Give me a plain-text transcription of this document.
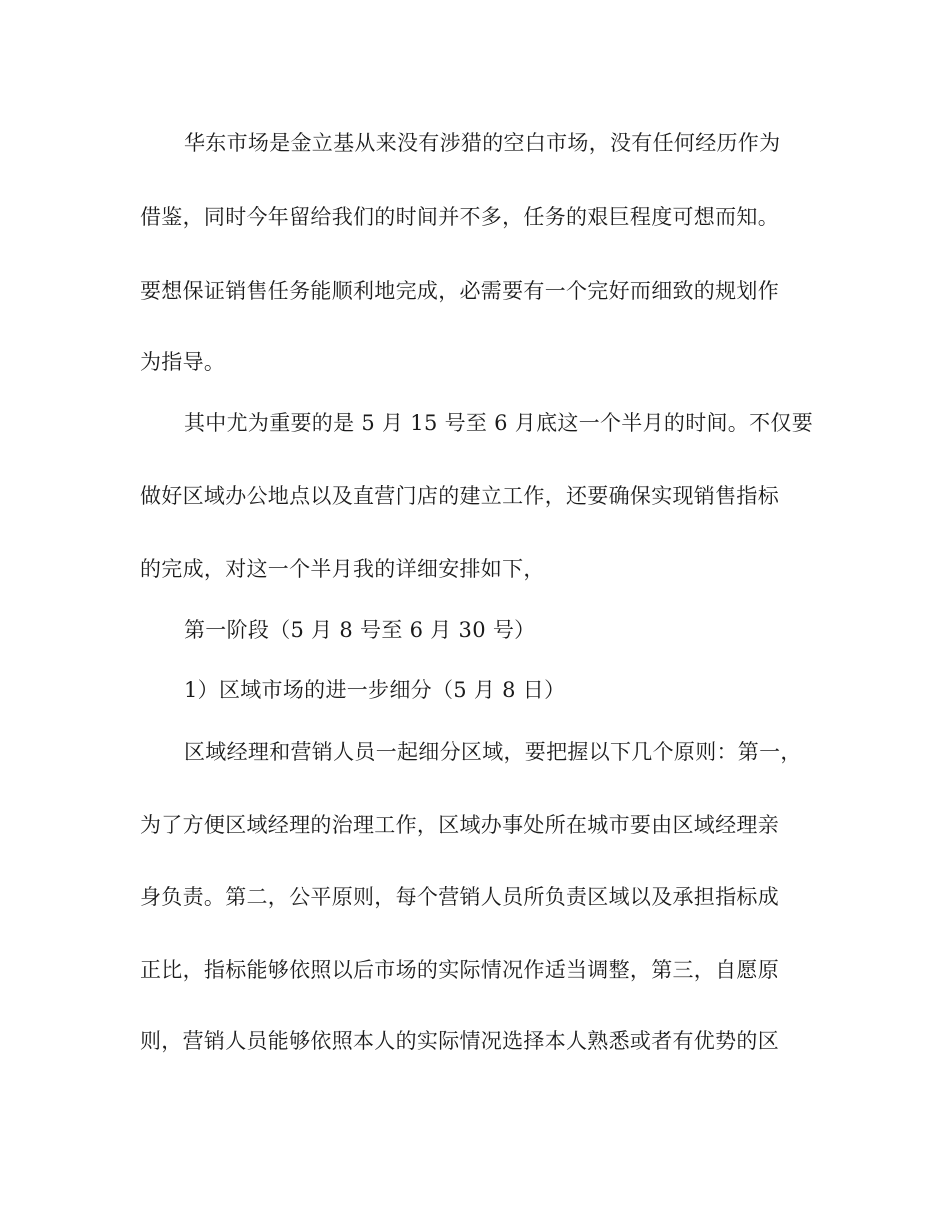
华东市场是金立基从来没有涉猎的空白市场，没有任何经历作为
借鉴，同时今年留给我们的时间并不多，任务的艰巨程度可想而知。
要想保证销售任务能顺利地完成，必需要有一个完好而细致的规划作
为指导。
其中尤为重要的是 5 月 15 号至 6 月底这一个半月的时间。不仅要
做好区域办公地点以及直营门店的建立工作，还要确保实现销售指标
的完成，对这一个半月我的详细安排如下，
第一阶段（5 月 8 号至 6 月 30 号）
1）区域市场的进一步细分（5 月 8 日）
区域经理和营销人员一起细分区域，要把握以下几个原则：第一，
为了方便区域经理的治理工作，区域办事处所在城市要由区域经理亲
身负责。第二，公平原则，每个营销人员所负责区域以及承担指标成
正比，指标能够依照以后市场的实际情况作适当调整，第三，自愿原
则，营销人员能够依照本人的实际情况选择本人熟悉或者有优势的区
